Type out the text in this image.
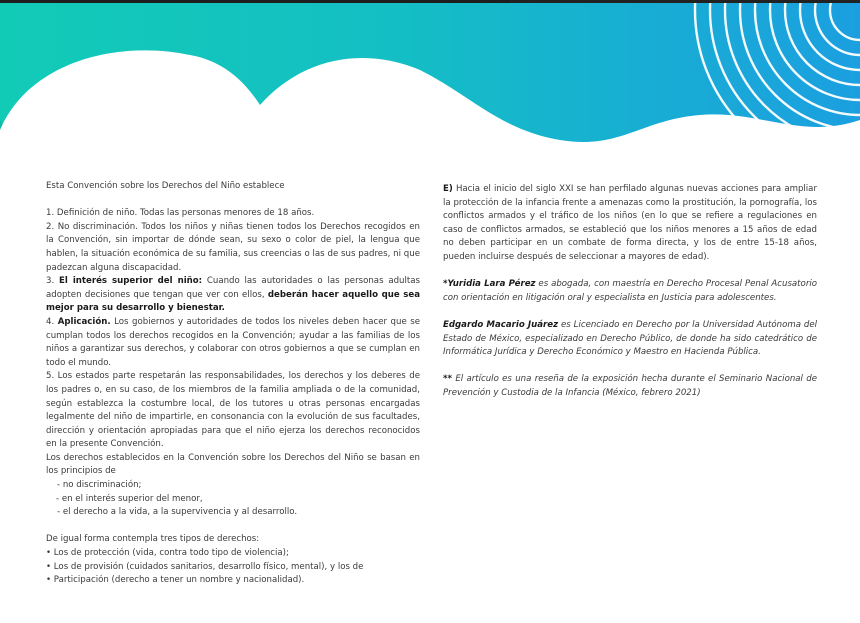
Esta Convención sobre los Derechos del Niño establece

1. Definición de niño. Todas las personas menores de 18 años.

2. No discriminación. Todos los niños y niñas tienen todos los Derechos recogidos en la Convención, sin importar de dónde sean, su sexo o color de piel, la lengua que hablen, la situación económica de su familia, sus creencias o las de sus padres, ni que padezcan alguna discapacidad.

3. El interés superior del niño: Cuando las autoridades o las personas adultas adopten decisiones que tengan que ver con ellos, deberán hacer aquello que sea mejor para su desarrollo y bienestar.

4. Aplicación. Los gobiernos y autoridades de todos los niveles deben hacer que se cumplan todos los derechos recogidos en la Convención; ayudar a las familias de los niños a garantizar sus derechos, y colaborar con otros gobiernos a que se cumplan en todo el mundo.

5. Los estados parte respetarán las responsabilidades, los derechos y los deberes de los padres o, en su caso, de los miembros de la familia ampliada o de la comunidad, según establezca la costumbre local, de los tutores u otras personas encargadas legalmente del niño de impartirle, en consonancia con la evolución de sus facultades, dirección y orientación apropiadas para que el niño ejerza los derechos reconocidos en la presente Convención.

Los derechos establecidos en la Convención sobre los Derechos del Niño se basan en los principios de

- no discriminación;

- en el interés superior del menor,

- el derecho a la vida, a la supervivencia y al desarrollo.

De igual forma contempla tres tipos de derechos:

• Los de protección (vida, contra todo tipo de violencia);

• Los de provisión (cuidados sanitarios, desarrollo físico, mental), y los de

• Participación (derecho a tener un nombre y nacionalidad).

E) Hacia el inicio del siglo XXI se han perfilado algunas nuevas acciones para ampliar la protección de la infancia frente a amenazas como la prostitución, la pornografía, los conflictos armados y el tráfico de los niños (en lo que se refiere a regulaciones en caso de conflictos armados, se estableció que los niños menores a 15 años de edad no deben participar en un combate de forma directa, y los de entre 15-18 años, pueden incluirse después de seleccionar a mayores de edad).

*Yuridia Lara Pérez es abogada, con maestría en Derecho Procesal Penal Acusatorio con orientación en litigación oral y especialista en Justicia para adolescentes.

Edgardo Macario Juárez es Licenciado en Derecho por la Universidad Autónoma del Estado de México, especializado en Derecho Público, de donde ha sido catedrático de Informática Jurídica y Derecho Económico y Maestro en Hacienda Pública.

** El artículo es una reseña de la exposición hecha durante el Seminario Nacional de Prevención y Custodia de la Infancia (México, febrero 2021)
